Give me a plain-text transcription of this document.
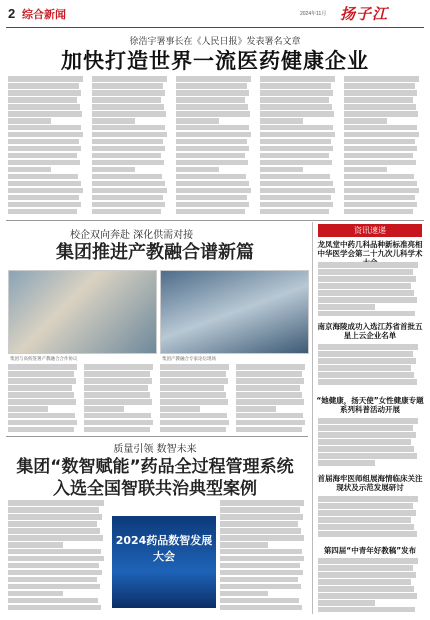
2 综合新闻	2024年11月 扬子江
徐浩宇署事长在《人民日报》发表署名文章
加快打造世界一流医药健康企业
校企双向奔赴 深化供需对接
集团推进产教融合谱新篇
集团与高校签署产教融合合作协议	集团产教融合专家论坛现场
资讯速递
龙凤堂中药几科品种新标准亮相中华医学会第二十九次儿科学术
南京海陵成功入选江苏省首批五星上云企业名单
“她健康，扬天使”女性健康专题系列科普活动开展
首届海牢医师组展海情临床关注现状及示范发展研讨
第四届“中青年好教稿”发布
质量引领 数智未来
集团“数智赋能”药品全过程管理系统
入选全国智联共治典型案例
2024药品数智发展大会
